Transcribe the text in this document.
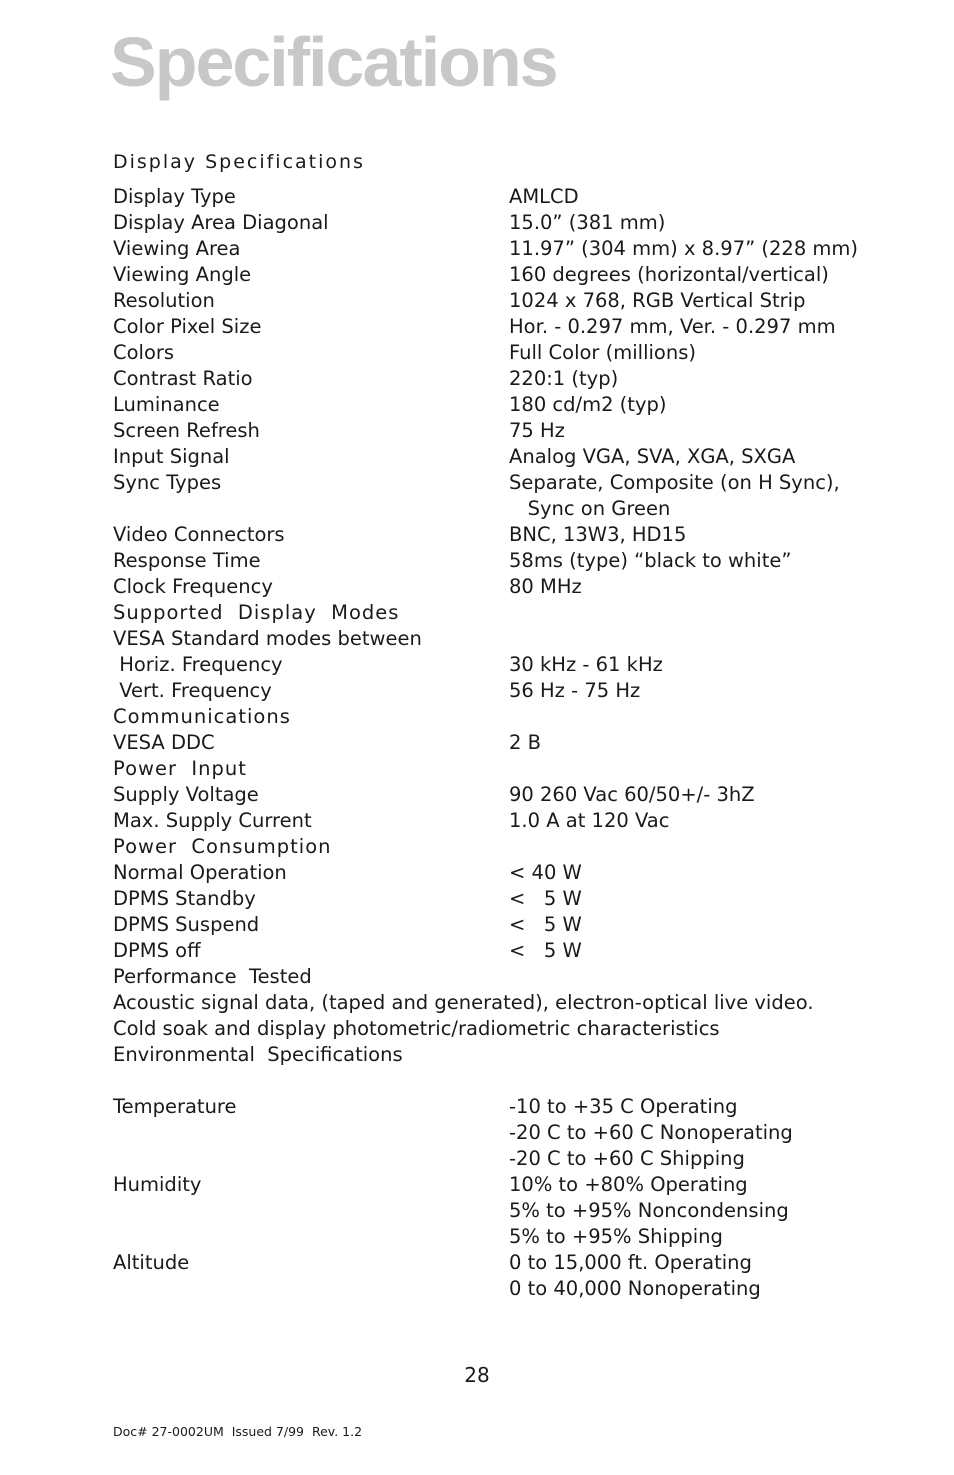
Specifications
Display Specifications
Display Type	AMLCD
Display Area Diagonal	15.0” (381 mm)
Viewing Area	11.97” (304 mm) x 8.97” (228 mm)
Viewing Angle	160 degrees (horizontal/vertical)
Resolution	1024 x 768, RGB Vertical Strip
Color Pixel Size	Hor. - 0.297 mm, Ver. - 0.297 mm
Colors	Full Color (millions)
Contrast Ratio	220:1 (typ)
Luminance	180 cd/m2 (typ)
Screen Refresh	75 Hz
Input Signal	Analog VGA, SVA, XGA, SXGA
Sync Types	Separate, Composite (on H Sync),
Sync on Green
Video Connectors	BNC, 13W3, HD15
Response Time	58ms (type) “black to white”
Clock Frequency	80 MHz
Supported  Display  Modes
VESA Standard modes between
Horiz. Frequency	30 kHz - 61 kHz
Vert. Frequency	56 Hz - 75 Hz
Communications
VESA DDC	2 B
Power  Input
Supply Voltage	90 260 Vac 60/50+/- 3hZ
Max. Supply Current	1.0 A at 120 Vac
Power  Consumption
Normal Operation	< 40 W
DPMS Standby	<   5 W
DPMS Suspend	<   5 W
DPMS off	<   5 W
Performance  Tested
Acoustic signal data, (taped and generated), electron-optical live video.
Cold soak and display photometric/radiometric characteristics
Environmental  Specifications
Temperature	-10 to +35 C Operating
-20 C to +60 C Nonoperating
-20 C to +60 C Shipping
Humidity	10% to +80% Operating
5% to +95% Noncondensing
5% to +95% Shipping
Altitude	0 to 15,000 ft. Operating
0 to 40,000 Nonoperating
28
Doc# 27-0002UM  Issued 7/99  Rev. 1.2
